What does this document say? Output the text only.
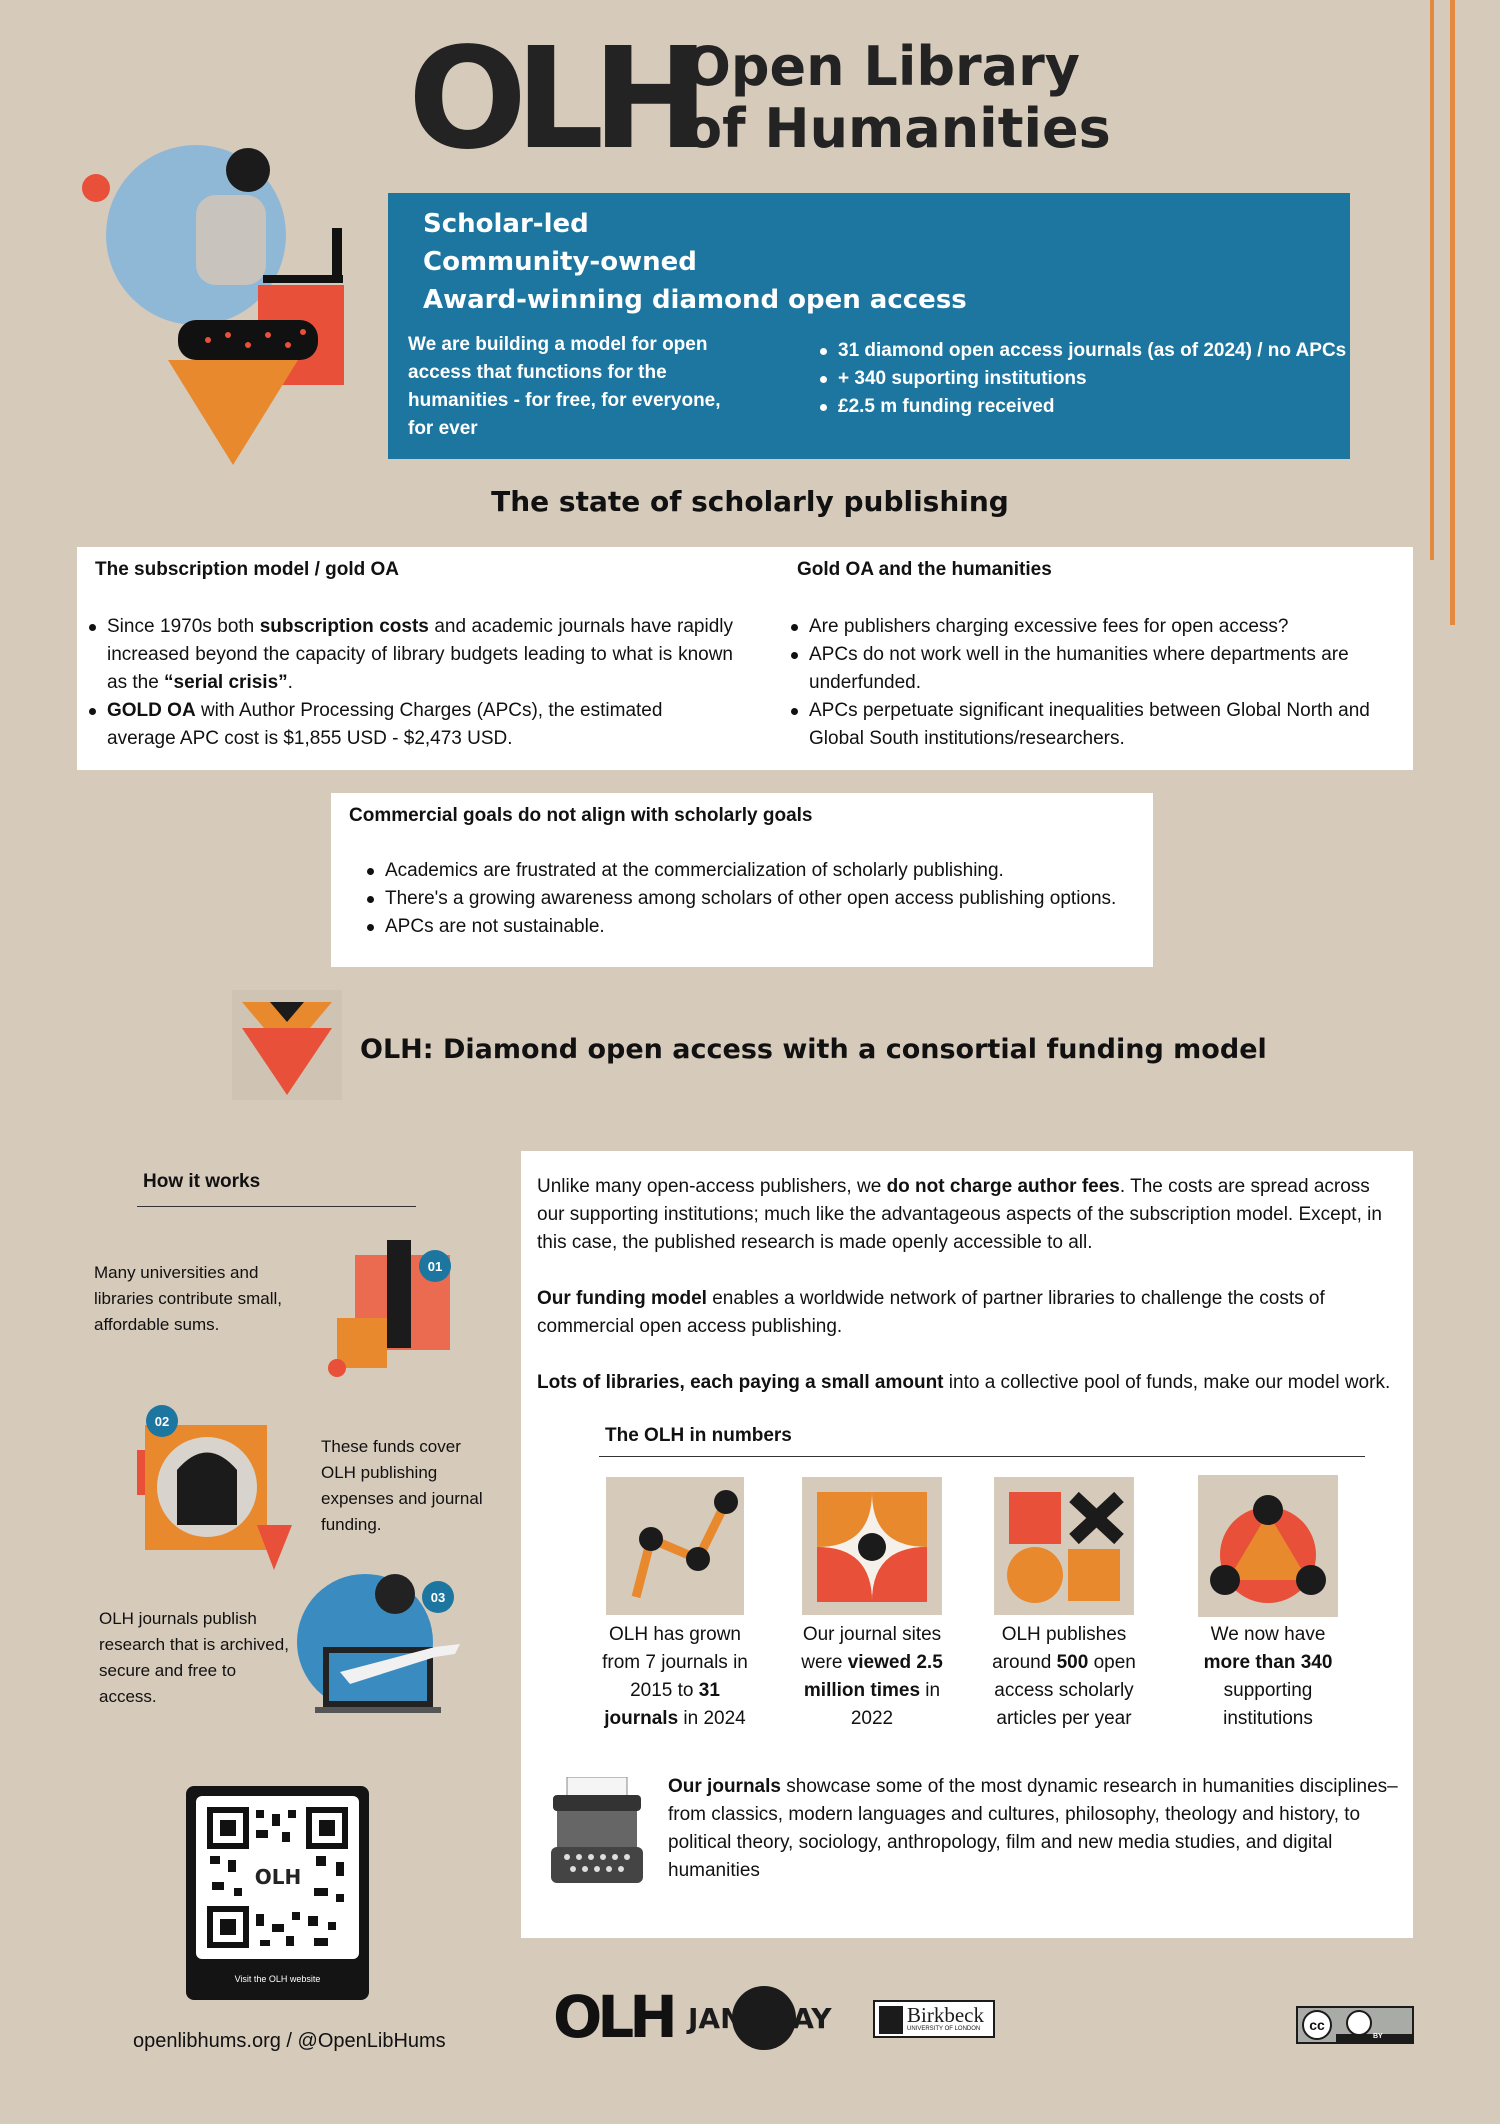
OLH
Open Library
of Humanities
Scholar-led
Community-owned
Award-winning diamond open access
We are building a model for open access that functions for the humanities - for free, for everyone, for ever
31 diamond open access journals (as of 2024) / no APCs
+ 340 suporting institutions
£2.5 m funding received
The state of scholarly publishing
The subscription model / gold OA
Since 1970s both subscription costs and academic journals have rapidly increased beyond the capacity of library budgets leading to what is known as the “serial crisis”.
GOLD OA with Author Processing Charges (APCs), the estimated average APC cost is $1,855 USD - $2,473 USD.
Gold OA and the humanities
Are publishers charging excessive fees for open access?
APCs do not work well in the humanities where departments are underfunded.
APCs perpetuate significant inequalities between Global North and Global South institutions/researchers.
Commercial goals do not align with scholarly goals
Academics are frustrated at the commercialization of scholarly publishing.
There's a growing awareness among scholars of other open access publishing options.
APCs are not sustainable.
OLH: Diamond open access with a consortial funding model
How it works
Many universities and libraries contribute small, affordable sums.
01
02
These funds cover OLH publishing expenses and journal funding.
OLH journals publish research that is archived, secure and free to access.
03
OLH
Visit the OLH website
openlibhums.org / @OpenLibHums
Unlike many open-access publishers, we do not charge author fees. The costs are spread across our supporting institutions; much like the advantageous aspects of the subscription model. Except, in this case, the published research is made openly accessible to all.
Our funding model enables a worldwide network of partner libraries to challenge the costs of commercial open access publishing.
Lots of libraries, each paying a small amount into a collective pool of funds, make our model work.
The OLH in numbers
OLH has grown from 7 journals in 2015 to 31 journals in 2024
Our journal sites were viewed 2.5 million times in 2022
OLH publishes around 500 open access scholarly articles per year
We now have more than 340 supporting institutions
Our journals showcase some of the most dynamic research in humanities disciplines– from classics, modern languages and cultures, philosophy, theology and history, to political theory, sociology, anthropology, film and new media studies, and digital humanities
OLH JANEWAY	Birkbeck
UNIVERSITY OF LONDON	cc
BY
